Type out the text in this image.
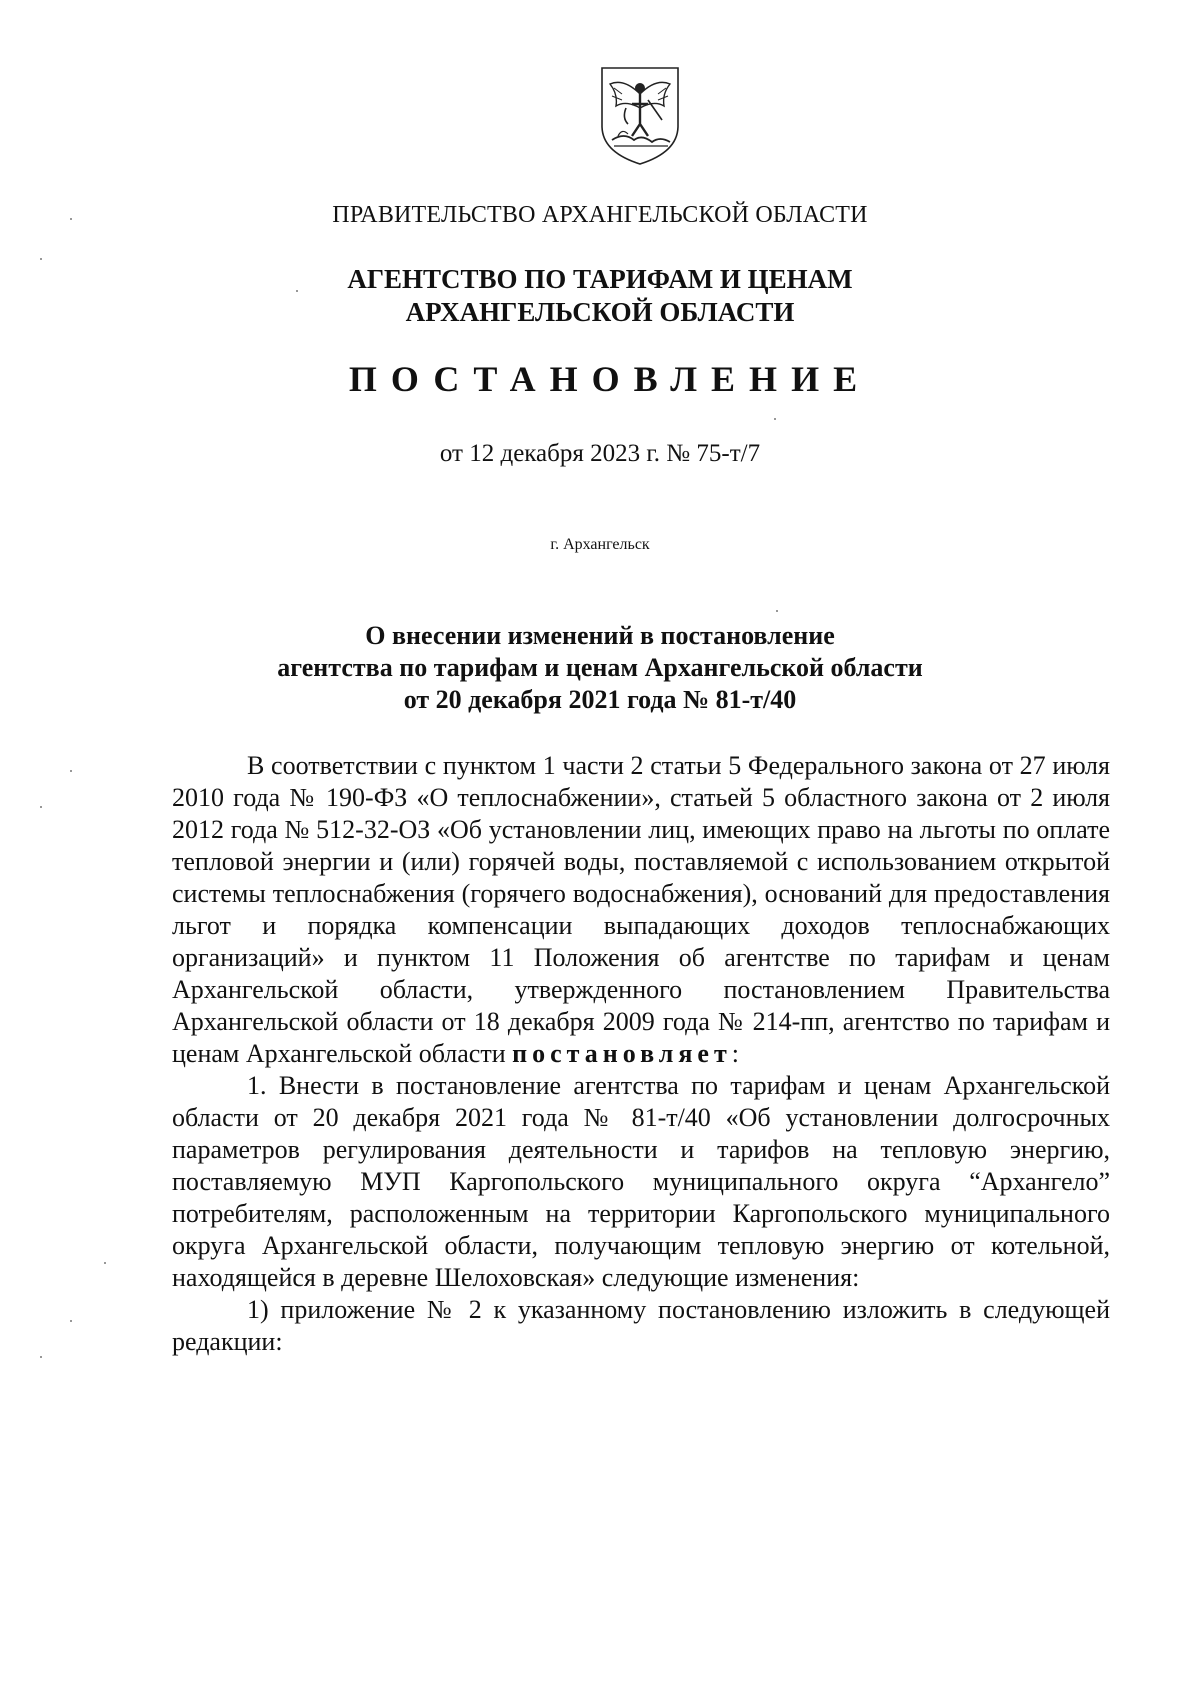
ПРАВИТЕЛЬСТВО АРХАНГЕЛЬСКОЙ ОБЛАСТИ
АГЕНТСТВО ПО ТАРИФАМ И ЦЕНАМ
АРХАНГЕЛЬСКОЙ ОБЛАСТИ
ПОСТАНОВЛЕНИЕ
от 12 декабря 2023 г. № 75-т/7
г. Архангельск
О внесении изменений в постановление
агентства по тарифам и ценам Архангельской области
от 20 декабря 2021 года № 81-т/40

В соответствии с пунктом 1 части 2 статьи 5 Федерального закона от 27 июля 2010 года № 190-ФЗ «О теплоснабжении», статьей 5 областного закона от 2 июля 2012 года № 512-32-ОЗ «Об установлении лиц, имеющих право на льготы по оплате тепловой энергии и (или) горячей воды, поставляемой с использованием открытой системы теплоснабжения (горячего водоснабжения), оснований для предоставления льгот и порядка компенсации выпадающих доходов теплоснабжающих организаций» и пунктом 11 Положения об агентстве по тарифам и ценам Архангельской области, утвержденного постановлением Правительства Архангельской области от 18 декабря 2009 года № 214-пп, агентство по тарифам и ценам Архангельской области постановляет:

1. Внести в постановление агентства по тарифам и ценам Архангельской области от 20 декабря 2021 года № 81-т/40 «Об установлении долгосрочных параметров регулирования деятельности и тарифов на тепловую энергию, поставляемую МУП Каргопольского муниципального округа “Архангело” потребителям, расположенным на территории Каргопольского муниципального округа Архангельской области, получающим тепловую энергию от котельной, находящейся в деревне Шелоховская» следующие изменения:

1) приложение № 2 к указанному постановлению изложить в следующей редакции:
